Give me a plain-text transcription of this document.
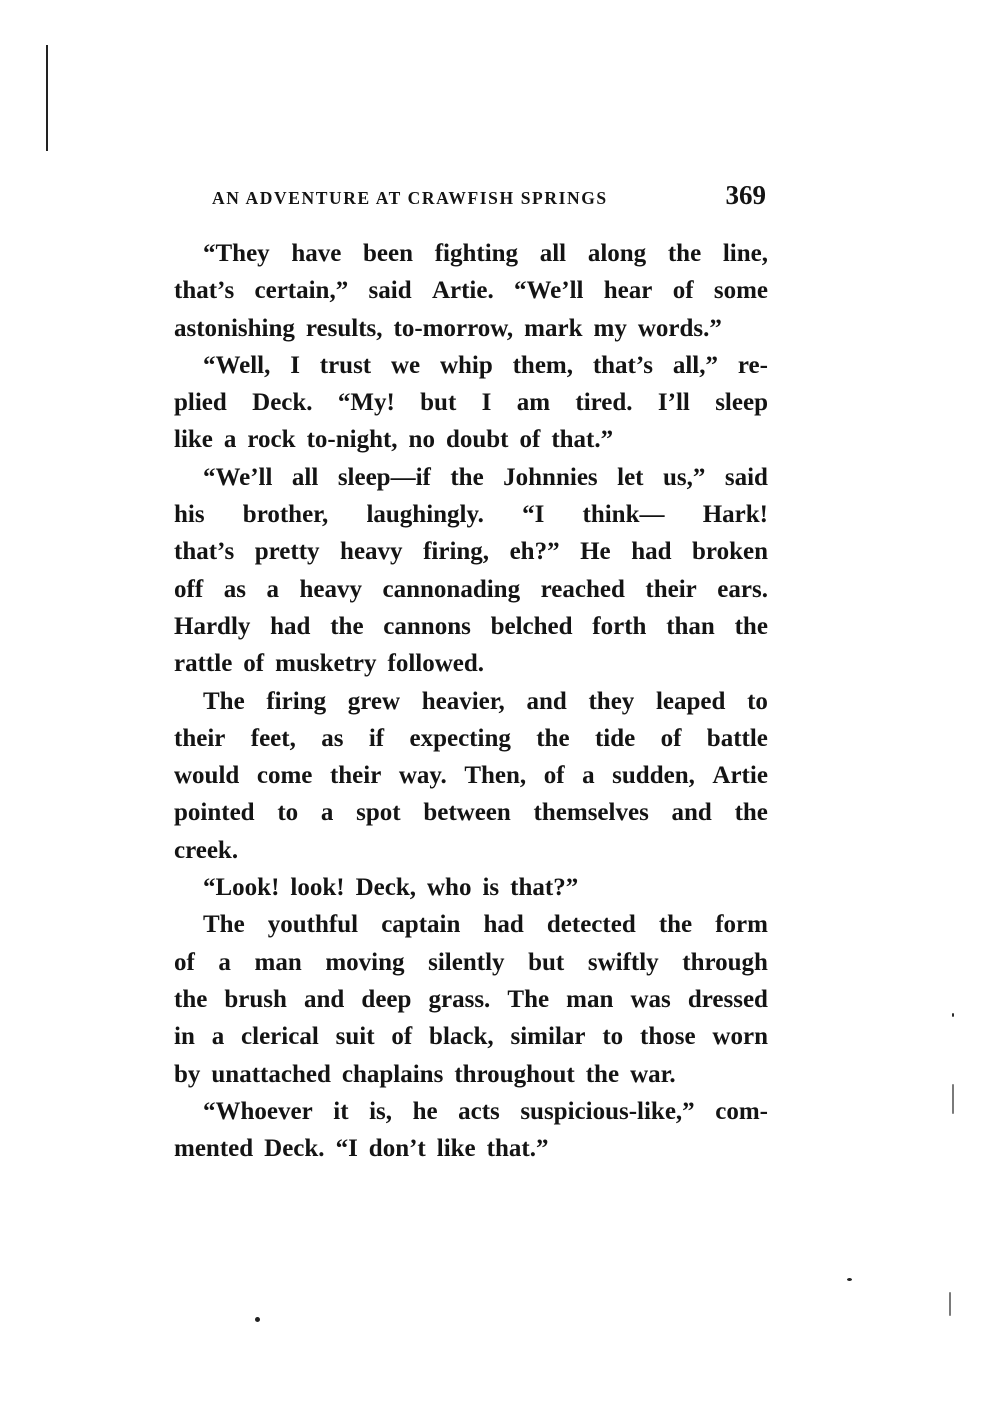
AN ADVENTURE AT CRAWFISH SPRINGS	369
“They have been fighting all along the line,
that’s certain,” said Artie. “We’ll hear of some
astonishing results, to-morrow, mark my words.”
“Well, I trust we whip them, that’s all,” re-
plied Deck. “My! but I am tired. I’ll sleep
like a rock to-night, no doubt of that.”
“We’ll all sleep—if the Johnnies let us,” said
his brother, laughingly. “I think— Hark!
that’s pretty heavy firing, eh?” He had broken
off as a heavy cannonading reached their ears.
Hardly had the cannons belched forth than the
rattle of musketry followed.
The firing grew heavier, and they leaped to
their feet, as if expecting the tide of battle
would come their way. Then, of a sudden, Artie
pointed to a spot between themselves and the
creek.
“Look! look! Deck, who is that?”
The youthful captain had detected the form
of a man moving silently but swiftly through
the brush and deep grass. The man was dressed
in a clerical suit of black, similar to those worn
by unattached chaplains throughout the war.
“Whoever it is, he acts suspicious-like,” com-
mented Deck. “I don’t like that.”
